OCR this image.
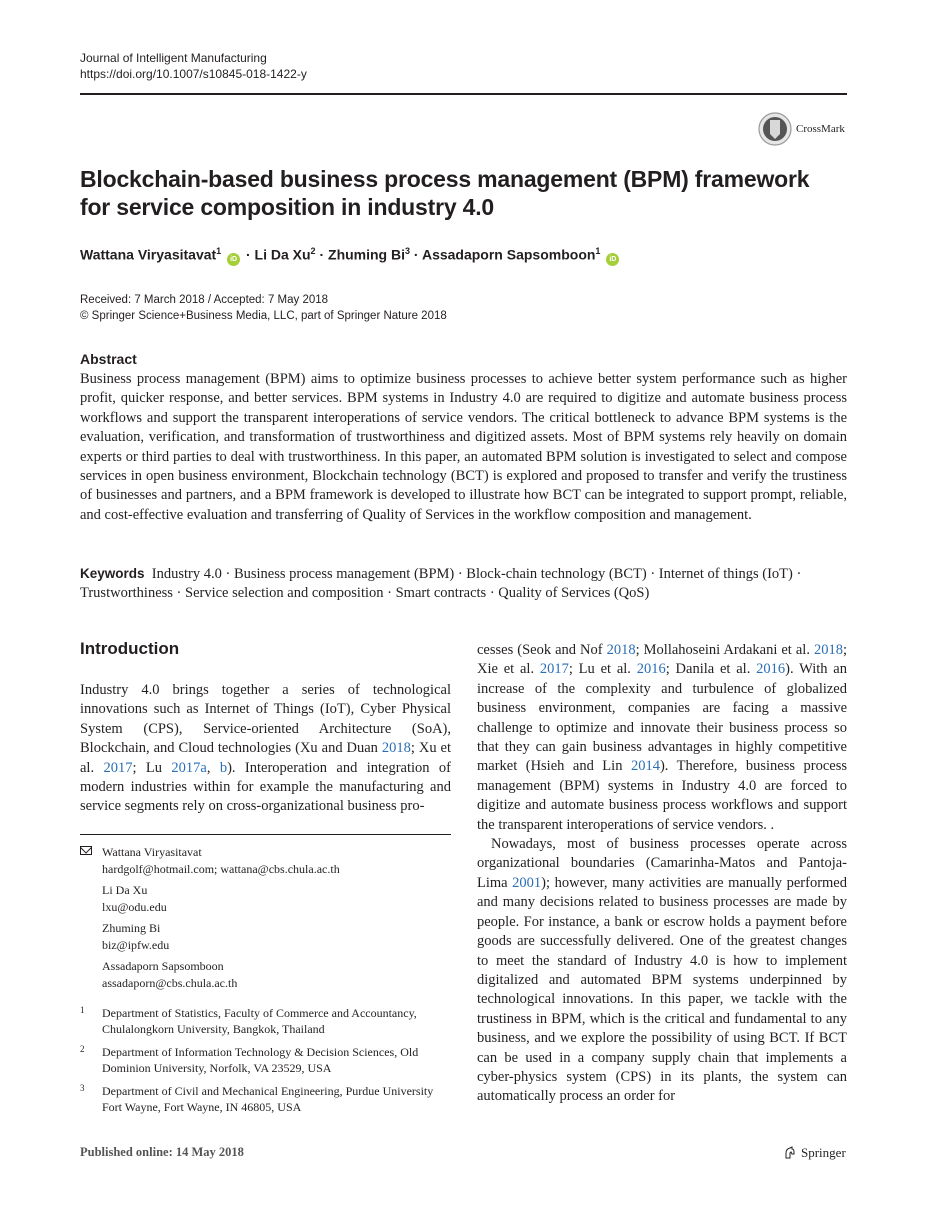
Journal of Intelligent Manufacturing
https://doi.org/10.1007/s10845-018-1422-y
CrossMark
Blockchain-based business process management (BPM) framework for service composition in industry 4.0
Wattana Viryasitavat$^1$ iD · Li Da $Xu^2 \cdot Zhuming$ $Bi^3$ · Assadaporn Sapsomboon$^1$ iD
Received: 7 March 2018 / Accepted: 7 May 2018
© Springer Science+Business Media, LLC, part of Springer Nature 2018
Abstract
Business process management (BPM) aims to optimize business processes to achieve better system performance such as higher profit, quicker response, and better services. BPM systems in Industry 4.0 are required to digitize and automate business process workflows and support the transparent interoperations of service vendors. The critical bottleneck to advance BPM systems is the evaluation, verification, and transformation of trustworthiness and digitized assets. Most of BPM systems rely heavily on domain experts or third parties to deal with trustworthiness. In this paper, an automated BPM solution is investigated to select and compose services in open business environment, Blockchain technology (BCT) is explored and proposed to transfer and verify the trustiness of businesses and partners, and a BPM framework is developed to illustrate how BCT can be integrated to support prompt, reliable, and cost-effective evaluation and transferring of Quality of Services in the workflow composition and management.
Keywords Industry 4.0 · Business process management (BPM) · Block-chain technology (BCT) · Internet of things (IoT) · Trustworthiness · Service selection and composition · Smart contracts · Quality of Services (QoS)
Introduction
Industry 4.0 brings together a series of technological innovations such as Internet of Things (IoT), Cyber Physical System (CPS), Service-oriented Architecture (SoA), Blockchain, and Cloud technologies (Xu and Duan 2018; Xu et al. 2017; Lu 2017a, b). Interoperation and integration of modern industries within for example the manufacturing and service segments rely on cross-organizational business pro-
Wattana Viryasitavat
hardgolf@hotmail.com; wattana@cbs.chula.ac.th
Li Da Xu
lxu@odu.edu
Zhuming Bi
biz@ipfw.edu
Assadaporn Sapsomboon
assadaporn@cbs.chula.ac.th
1 Department of Statistics, Faculty of Commerce and Accountancy, Chulalongkorn University, Bangkok, Thailand
2 Department of Information Technology & Decision Sciences, Old Dominion University, Norfolk, VA 23529, USA
3 Department of Civil and Mechanical Engineering, Purdue University Fort Wayne, Fort Wayne, IN 46805, USA
cesses (Seok and Nof 2018; Mollahoseini Ardakani et al. 2018; Xie et al. 2017; Lu et al. 2016; Danila et al. 2016). With an increase of the complexity and turbulence of globalized business environment, companies are facing a massive challenge to optimize and innovate their business process so that they can gain business advantages in highly competitive market (Hsieh and Lin 2014). Therefore, business process management (BPM) systems in Industry 4.0 are forced to digitize and automate business process workflows and support the transparent interoperations of service vendors. .
Nowadays, most of business processes operate across organizational boundaries (Camarinha-Matos and Pantoja-Lima 2001); however, many activities are manually performed and many decisions related to business processes are made by people. For instance, a bank or escrow holds a payment before goods are successfully delivered. One of the greatest changes to meet the standard of Industry 4.0 is how to implement digitalized and automated BPM systems underpinned by technological innovations. In this paper, we tackle with the trustiness in BPM, which is the critical and fundamental to any business, and we explore the possibility of using BCT. If BCT can be used in a company supply chain that implements a cyber-physics system (CPS) in its plants, the system can automatically process an order for
Published online: 14 May 2018	Springer
